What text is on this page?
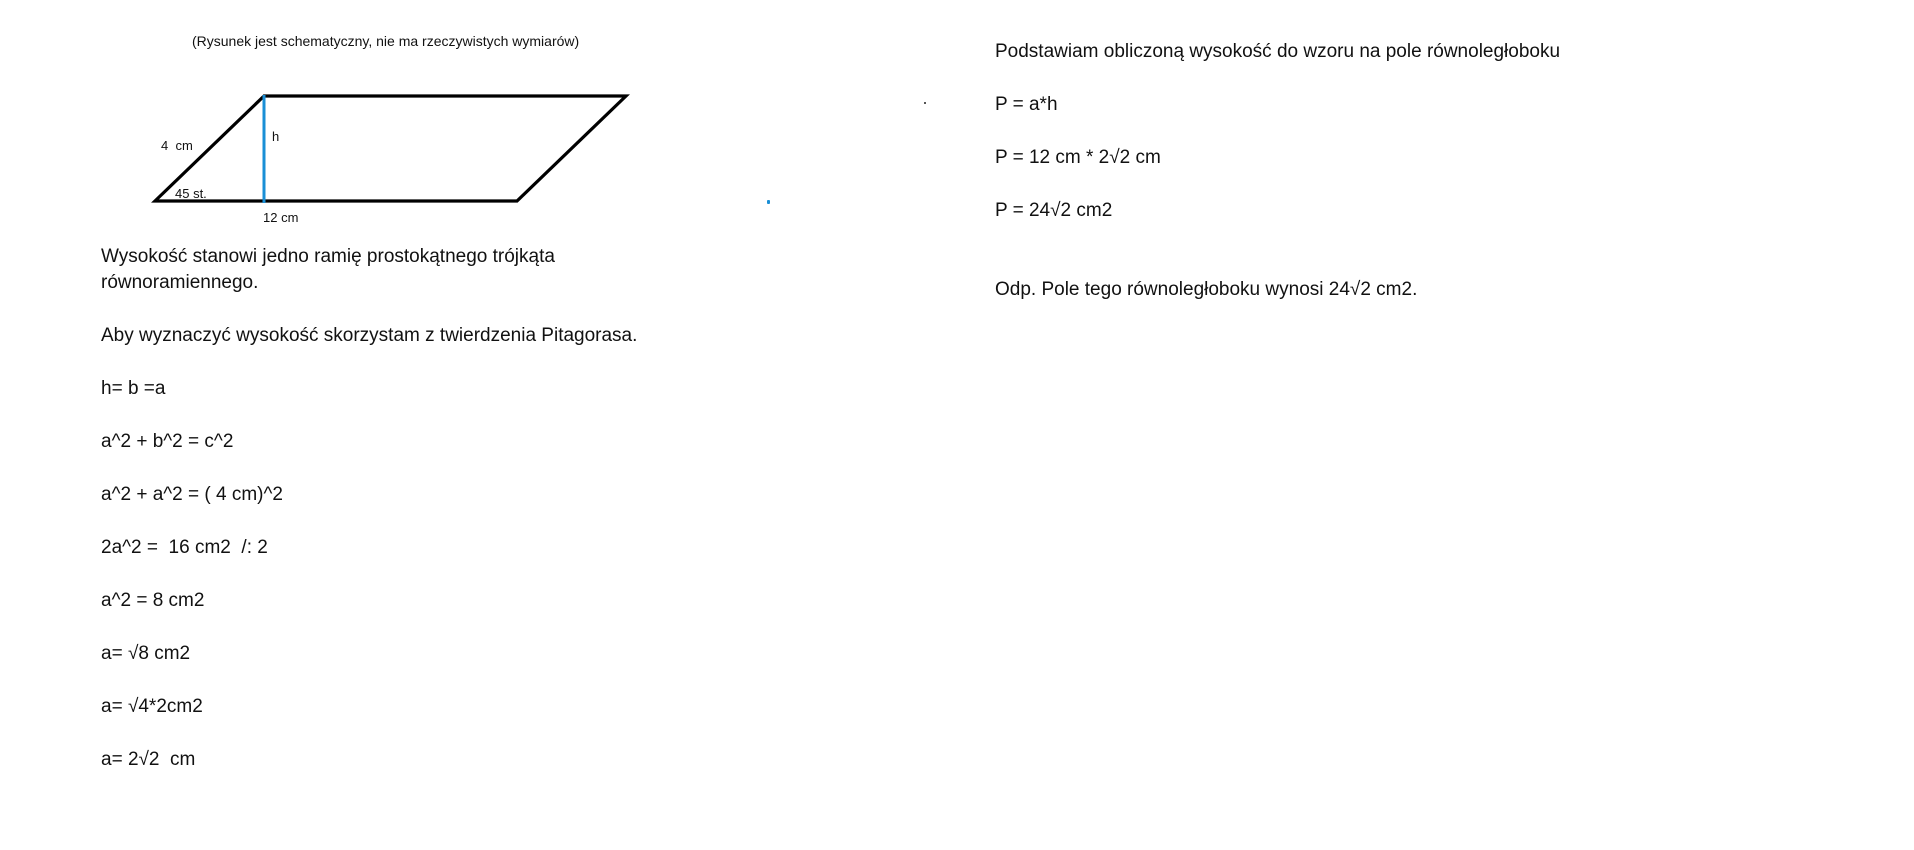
(Rysunek jest schematyczny, nie ma rzeczywistych wymiarów)
4  cm
h
45 st.
12 cm
Wysokość stanowi jedno ramię prostokątnego trójkąta równoramiennego.
Aby wyznaczyć wysokość skorzystam z twierdzenia Pitagorasa.
h= b =a
a^2 + b^2 = c^2
a^2 + a^2 = ( 4 cm)^2
2a^2 =  16 cm2  /: 2
a^2 = 8 cm2
a= √8 cm2
a= √4*2cm2
a= 2√2  cm
Podstawiam obliczoną wysokość do wzoru na pole równoległoboku
P = a*h
P = 12 cm * 2√2 cm
P = 24√2 cm2
Odp. Pole tego równoległoboku wynosi 24√2 cm2.
